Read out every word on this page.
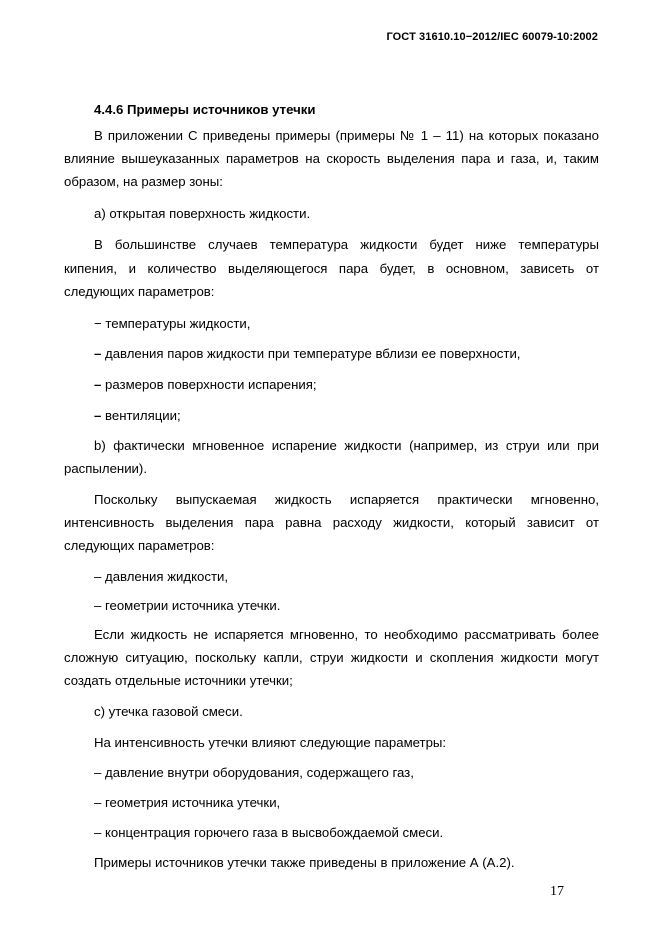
ГОСТ 31610.10−2012/IEC 60079-10:2002
4.4.6 Примеры источников утечки
В приложении С приведены примеры (примеры № 1 – 11) на которых показано
влияние вышеуказанных параметров на скорость выделения пара и газа, и, таким
образом, на размер зоны:
а) открытая поверхность жидкости.
В большинстве случаев температура жидкости будет ниже температуры
кипения, и количество выделяющегося пара будет, в основном, зависеть от
следующих параметров:
− температуры жидкости,
– давления паров жидкости при температуре вблизи ее поверхности,
– размеров поверхности испарения;
– вентиляции;
b) фактически мгновенное испарение жидкости (например, из струи или при
распылении).
Поскольку выпускаемая жидкость испаряется практически мгновенно,
интенсивность выделения пара равна расходу жидкости, который зависит от
следующих параметров:
– давления жидкости,
– геометрии источника утечки.
Если жидкость не испаряется мгновенно, то необходимо рассматривать более
сложную ситуацию, поскольку капли, струи жидкости и скопления жидкости могут
создать отдельные источники утечки;
с) утечка газовой смеси.
На интенсивность утечки влияют следующие параметры:
– давление внутри оборудования, содержащего газ,
– геометрия источника утечки,
– концентрация горючего газа в высвобождаемой смеси.
Примеры источников утечки также приведены в приложение А (А.2).
17
